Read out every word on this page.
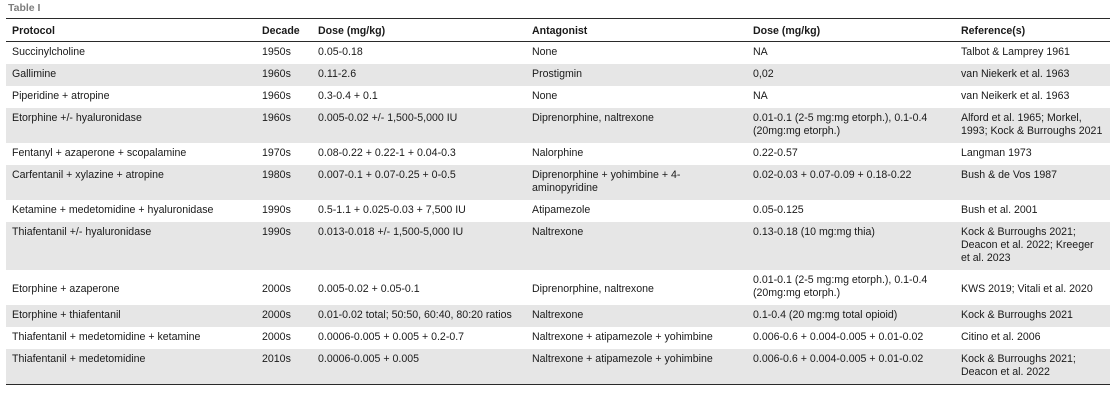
Table I
Protocol	Decade	Dose (mg/kg)	Antagonist	Dose (mg/kg)	Reference(s)
Succinylcholine	1950s	0.05-0.18	None	NA	Talbot & Lamprey 1961
Gallimine	1960s	0.11-2.6	Prostigmin	0,02	van Niekerk et al. 1963
Piperidine + atropine	1960s	0.3-0.4 + 0.1	None	NA	van Neikerk et al. 1963
Etorphine +/- hyaluronidase	1960s	0.005-0.02 +/- 1,500-5,000 IU	Diprenorphine, naltrexone	0.01-0.1 (2-5 mg:mg etorph.), 0.1-0.4 (20mg:mg etorph.)	Alford et al. 1965; Morkel, 1993; Kock & Burroughs 2021
Fentanyl + azaperone + scopalamine	1970s	0.08-0.22 + 0.22-1 + 0.04-0.3	Nalorphine	0.22-0.57	Langman 1973
Carfentanil + xylazine + atropine	1980s	0.007-0.1 + 0.07-0.25 + 0-0.5	Diprenorphine + yohimbine + 4-aminopyridine	0.02-0.03 + 0.07-0.09 + 0.18-0.22	Bush & de Vos 1987
Ketamine + medetomidine + hyaluronidase	1990s	0.5-1.1 + 0.025-0.03 + 7,500 IU	Atipamezole	0.05-0.125	Bush et al. 2001
Thiafentanil +/- hyaluronidase	1990s	0.013-0.018 +/- 1,500-5,000 IU	Naltrexone	0.13-0.18 (10 mg:mg thia)	Kock & Burroughs 2021; Deacon et al. 2022; Kreeger et al. 2023
Etorphine + azaperone	2000s	0.005-0.02 + 0.05-0.1	Diprenorphine, naltrexone	0.01-0.1 (2-5 mg:mg etorph.), 0.1-0.4 (20mg:mg etorph.)	KWS 2019; Vitali et al. 2020
Etorphine + thiafentanil	2000s	0.01-0.02 total; 50:50, 60:40, 80:20 ratios	Naltrexone	0.1-0.4 (20 mg:mg total opioid)	Kock & Burroughs 2021
Thiafentanil + medetomidine + ketamine	2000s	0.0006-0.005 + 0.005 + 0.2-0.7	Naltrexone + atipamezole + yohimbine	0.006-0.6 + 0.004-0.005 + 0.01-0.02	Citino et al. 2006
Thiafentanil + medetomidine	2010s	0.0006-0.005 + 0.005	Naltrexone + atipamezole + yohimbine	0.006-0.6 + 0.004-0.005 + 0.01-0.02	Kock & Burroughs 2021; Deacon et al. 2022
